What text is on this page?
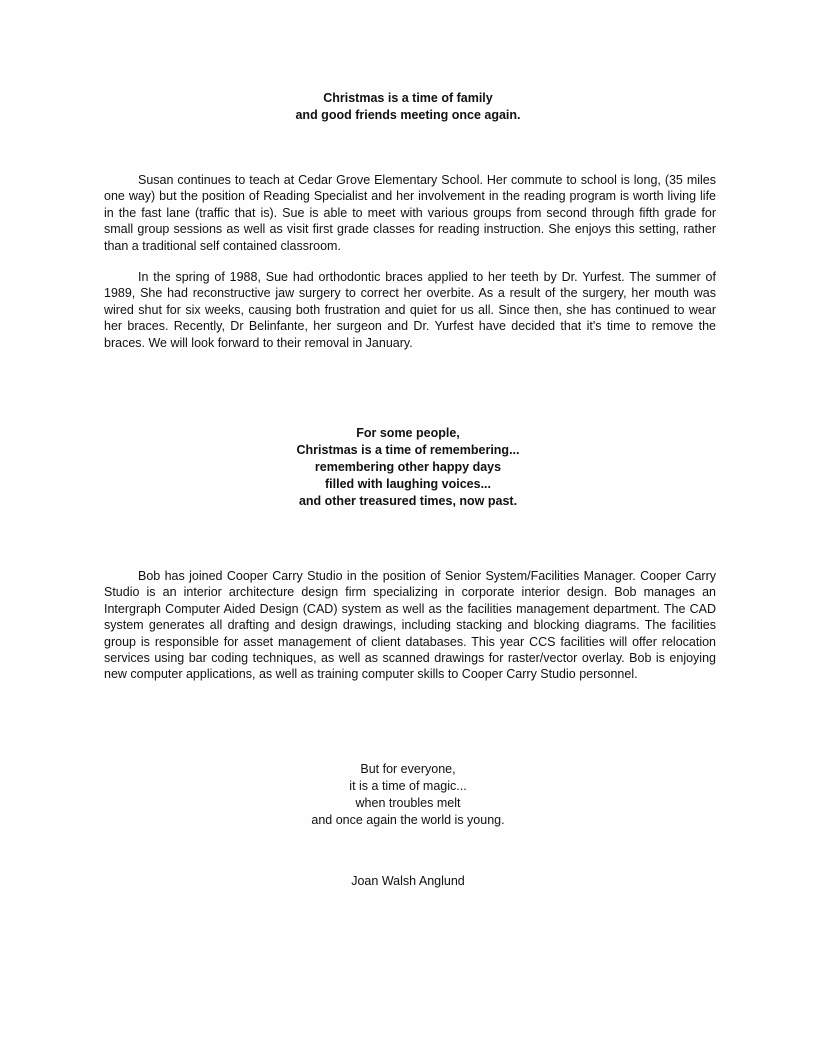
Christmas is a time of family
and good friends meeting once again.

Susan continues to teach at Cedar Grove Elementary School. Her commute to school is long, (35 miles one way) but the position of Reading Specialist and her involvement in the reading program is worth living life in the fast lane (traffic that is). Sue is able to meet with various groups from second through fifth grade for small group sessions as well as visit first grade classes for reading instruction. She enjoys this setting, rather than a traditional self contained classroom.

In the spring of 1988, Sue had orthodontic braces applied to her teeth by Dr. Yurfest. The summer of 1989, She had reconstructive jaw surgery to correct her overbite. As a result of the surgery, her mouth was wired shut for six weeks, causing both frustration and quiet for us all. Since then, she has continued to wear her braces. Recently, Dr Belinfante, her surgeon and Dr. Yurfest have decided that it's time to remove the braces. We will look forward to their removal in January.

For some people,
Christmas is a time of remembering...
remembering other happy days
filled with laughing voices...
and other treasured times, now past.

Bob has joined Cooper Carry Studio in the position of Senior System/Facilities Manager. Cooper Carry Studio is an interior architecture design firm specializing in corporate interior design. Bob manages an Intergraph Computer Aided Design (CAD) system as well as the facilities management department. The CAD system generates all drafting and design drawings, including stacking and blocking diagrams. The facilities group is responsible for asset management of client databases. This year CCS facilities will offer relocation services using bar coding techniques, as well as scanned drawings for raster/vector overlay. Bob is enjoying new computer applications, as well as training computer skills to Cooper Carry Studio personnel.

But for everyone,
it is a time of magic...
when troubles melt
and once again the world is young.
Joan Walsh Anglund
